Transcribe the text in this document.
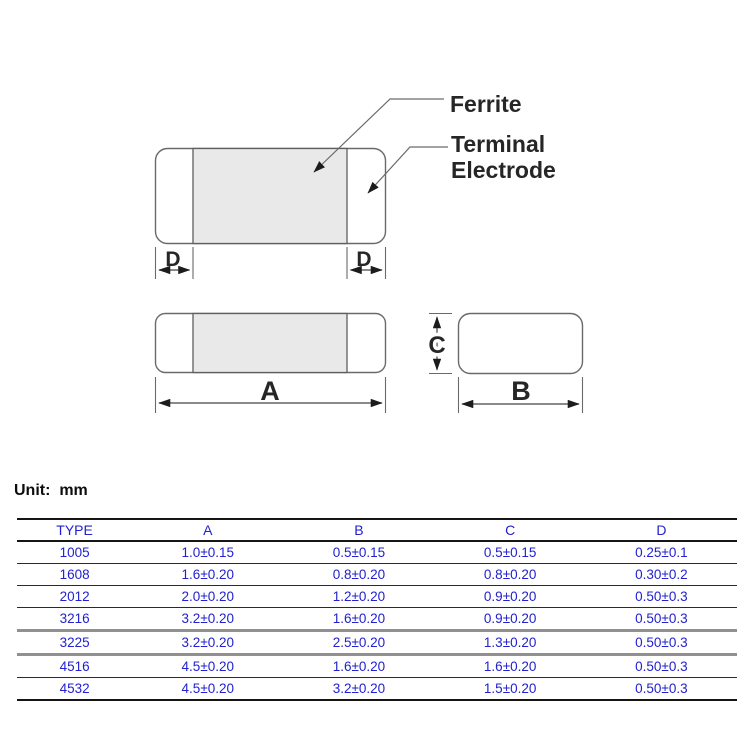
D	D
Ferrite
Terminal
Electrode
A
C
B
Unit:  mm
TYPE	A	B	C	D
1005	1.0±0.15	0.5±0.15	0.5±0.15	0.25±0.1
1608	1.6±0.20	0.8±0.20	0.8±0.20	0.30±0.2
2012	2.0±0.20	1.2±0.20	0.9±0.20	0.50±0.3
3216	3.2±0.20	1.6±0.20	0.9±0.20	0.50±0.3
3225	3.2±0.20	2.5±0.20	1.3±0.20	0.50±0.3
4516	4.5±0.20	1.6±0.20	1.6±0.20	0.50±0.3
4532	4.5±0.20	3.2±0.20	1.5±0.20	0.50±0.3
